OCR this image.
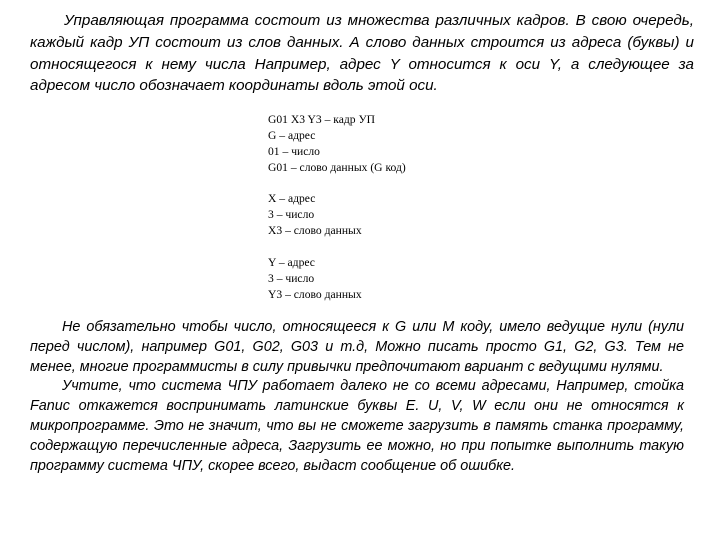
Управляющая программа состоит из множества различных кадров. В свою очередь, каждый кадр УП состоит из слов данных. А слово данных строится из адреса (буквы) и относящегося к нему числа Например, адрес Y относится к оси Y, а следующее за адресом число обозначает координаты вдоль этой оси.

G01 X3 Y3 – кадр УП
G – адрес
01 – число
G01 – слово данных (G код)
X – адрес
3 – число
X3 – слово данных
Y – адрес
3 – число
Y3 – слово данных

Не обязательно чтобы число, относящееся к G или M коду, имело ведущие нули (нули перед числом), например G01, G02, G03 и т.д, Можно писать просто G1, G2, G3. Тем не менее, многие программисты в силу привычки предпочитают вариант с ведущими нулями.

Учтите, что система ЧПУ работает далеко не со всеми адресами, Например, стойка Fanuc откажется воспринимать латинские буквы E. U, V, W если они не относятся к микропрограмме. Это не значит, что вы не сможете загрузить в память станка программу, содержащую перечисленные адреса, Загрузить ее можно, но при попытке выполнить такую программу система ЧПУ, скорее всего, выдаст сообщение об ошибке.
